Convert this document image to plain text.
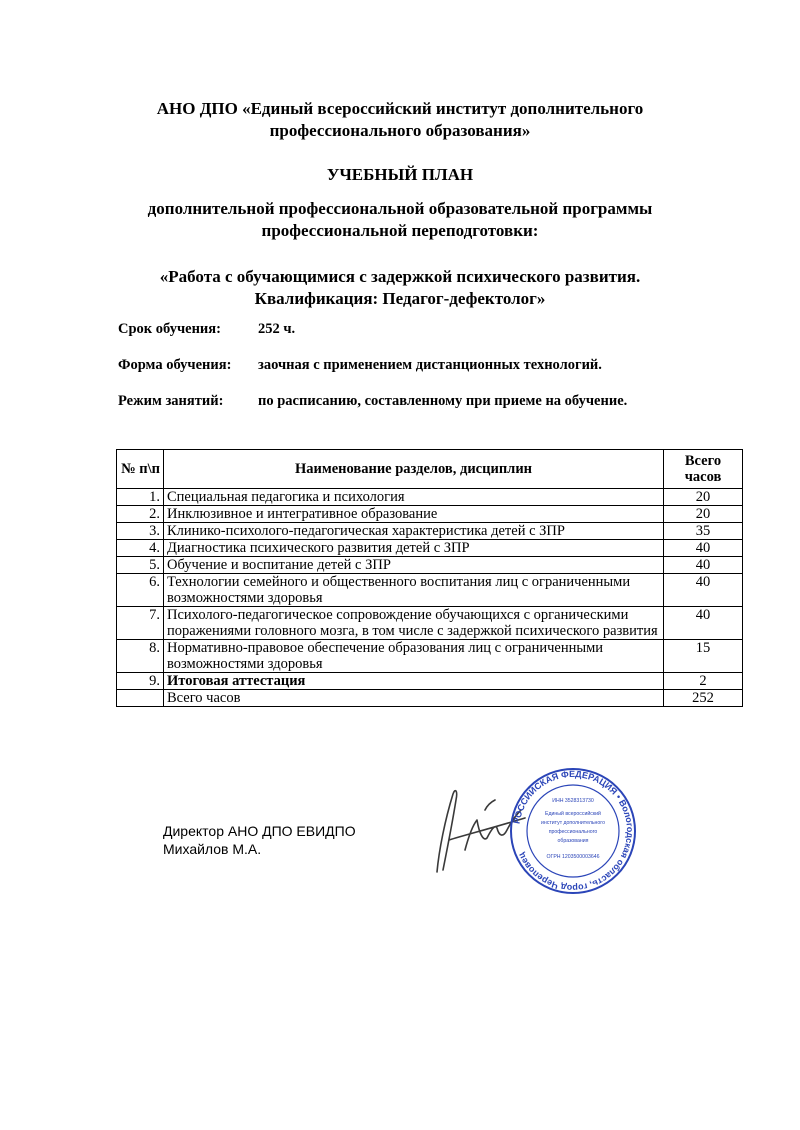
АНО ДПО «Единый всероссийский институт дополнительного
профессионального образования»
УЧЕБНЫЙ ПЛАН
дополнительной профессиональной образовательной программы
профессиональной переподготовки:
«Работа с обучающимися с задержкой психического развития.
Квалификация: Педагог-дефектолог»
Срок обучения:	252 ч.
Форма обучения: заочная с применением дистанционных технологий.
Режим занятий: по расписанию, составленному при приеме на обучение.
№ п\п	Наименование разделов, дисциплин	Всего
часов
1.	Специальная педагогика и психология	20
2.	Инклюзивное и интегративное образование	20
3.	Клинико-психолого-педагогическая характеристика детей с ЗПР	35
4.	Диагностика психического развития детей с ЗПР	40
5.	Обучение и воспитание детей с ЗПР	40
6.	Технологии семейного и общественного воспитания лиц с ограниченными возможностями здоровья	40
7.	Психолого-педагогическое сопровождение обучающихся с органическими поражениями головного мозга, в том числе с задержкой психического развития	40
8.	Нормативно-правовое обеспечение образования лиц с ограниченными возможностями здоровья	15
9.	Итоговая аттестация	2
	Всего часов	252
Директор АНО ДПО ЕВИДПО
Михайлов М.А.
РОССИЙСКАЯ ФЕДЕРАЦИЯ • Вологодская область, город Череповец
ИНН 3528313730
Единый всероссийский
институт дополнительного
профессионального
образования
ОГРН 1203500003646
